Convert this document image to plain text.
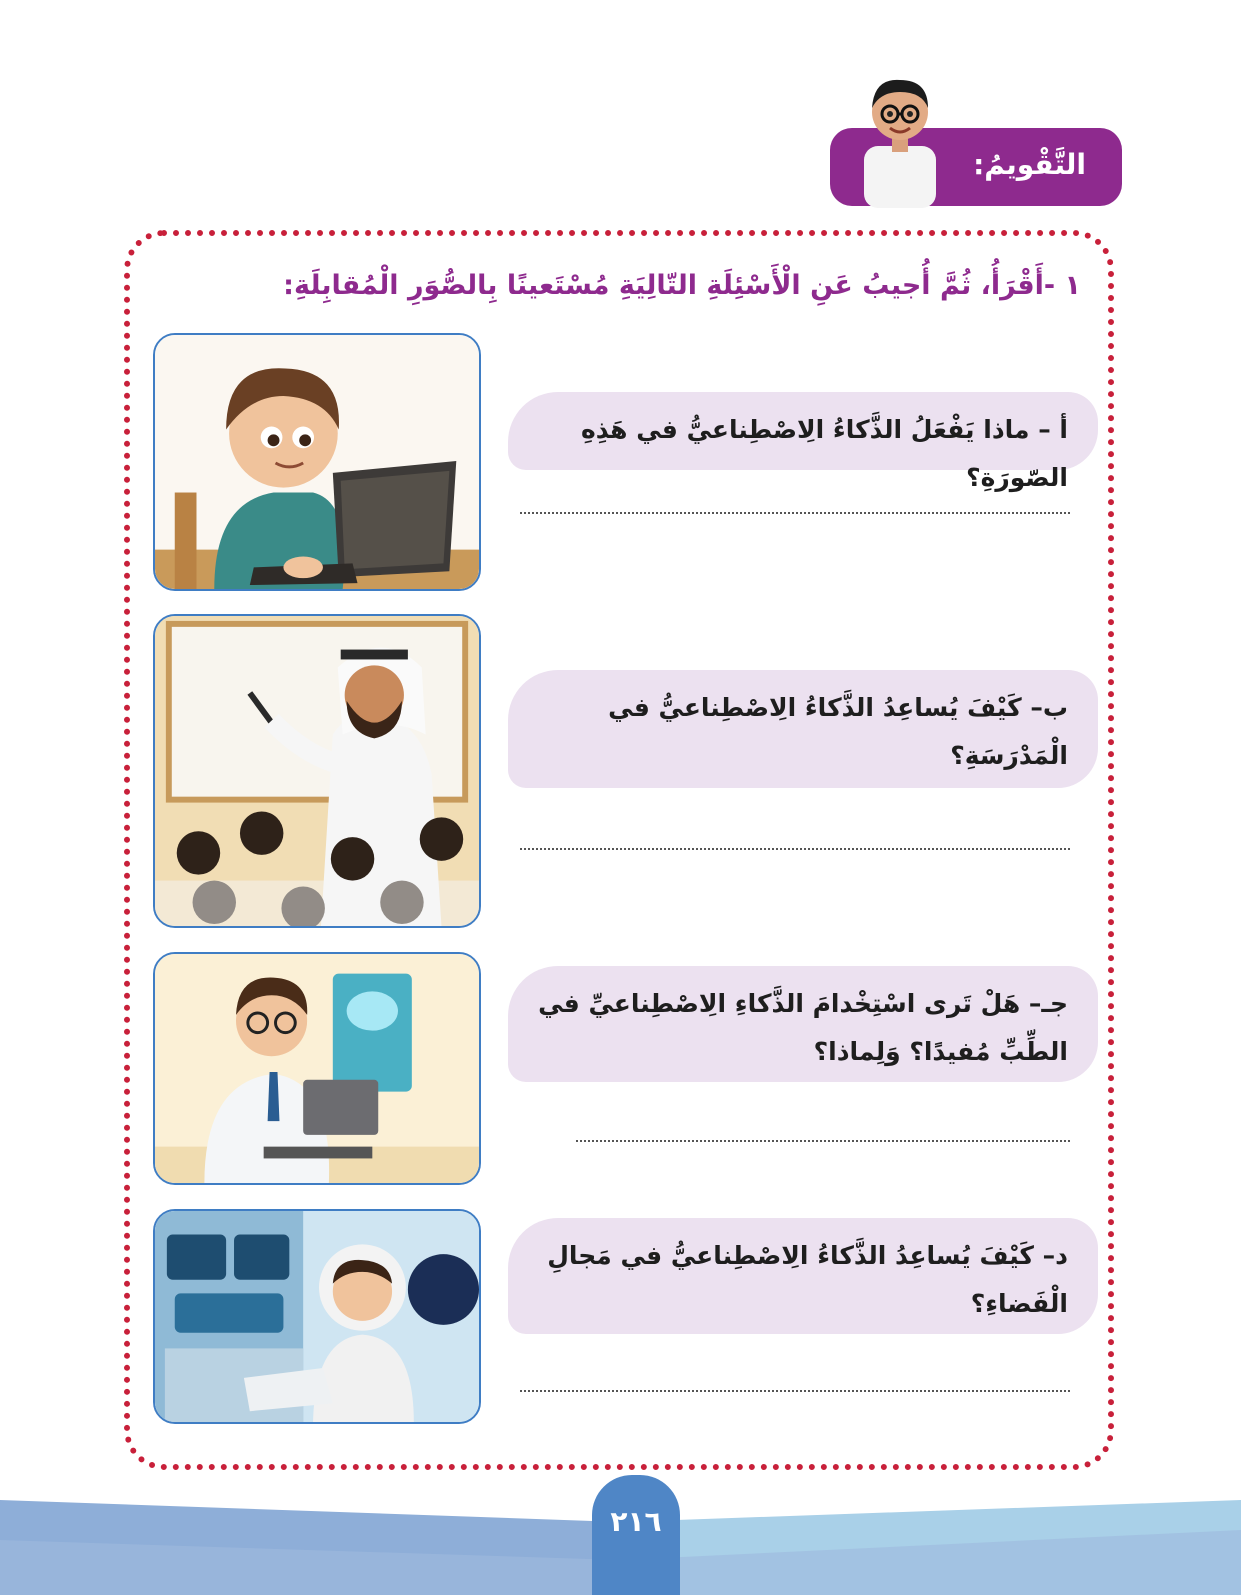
التَّقْويمُ:
١ -أَقْرَأُ، ثُمَّ أُجيبُ عَنِ الْأَسْئِلَةِ التّالِيَةِ مُسْتَعينًا بِالصُّوَرِ الْمُقابِلَةِ:
أ – ماذا يَفْعَلُ الذَّكاءُ الِاصْطِناعيُّ في هَذِهِ الصّورَةِ؟
ب– كَيْفَ يُساعِدُ الذَّكاءُ الِاصْطِناعيُّ في الْمَدْرَسَةِ؟
جـ– هَلْ تَرى اسْتِخْدامَ الذَّكاءِ الِاصْطِناعيِّ في الطِّبِّ مُفيدًا؟ وَلِماذا؟
د– كَيْفَ يُساعِدُ الذَّكاءُ الِاصْطِناعيُّ في مَجالِ الْفَضاءِ؟
٢١٦
